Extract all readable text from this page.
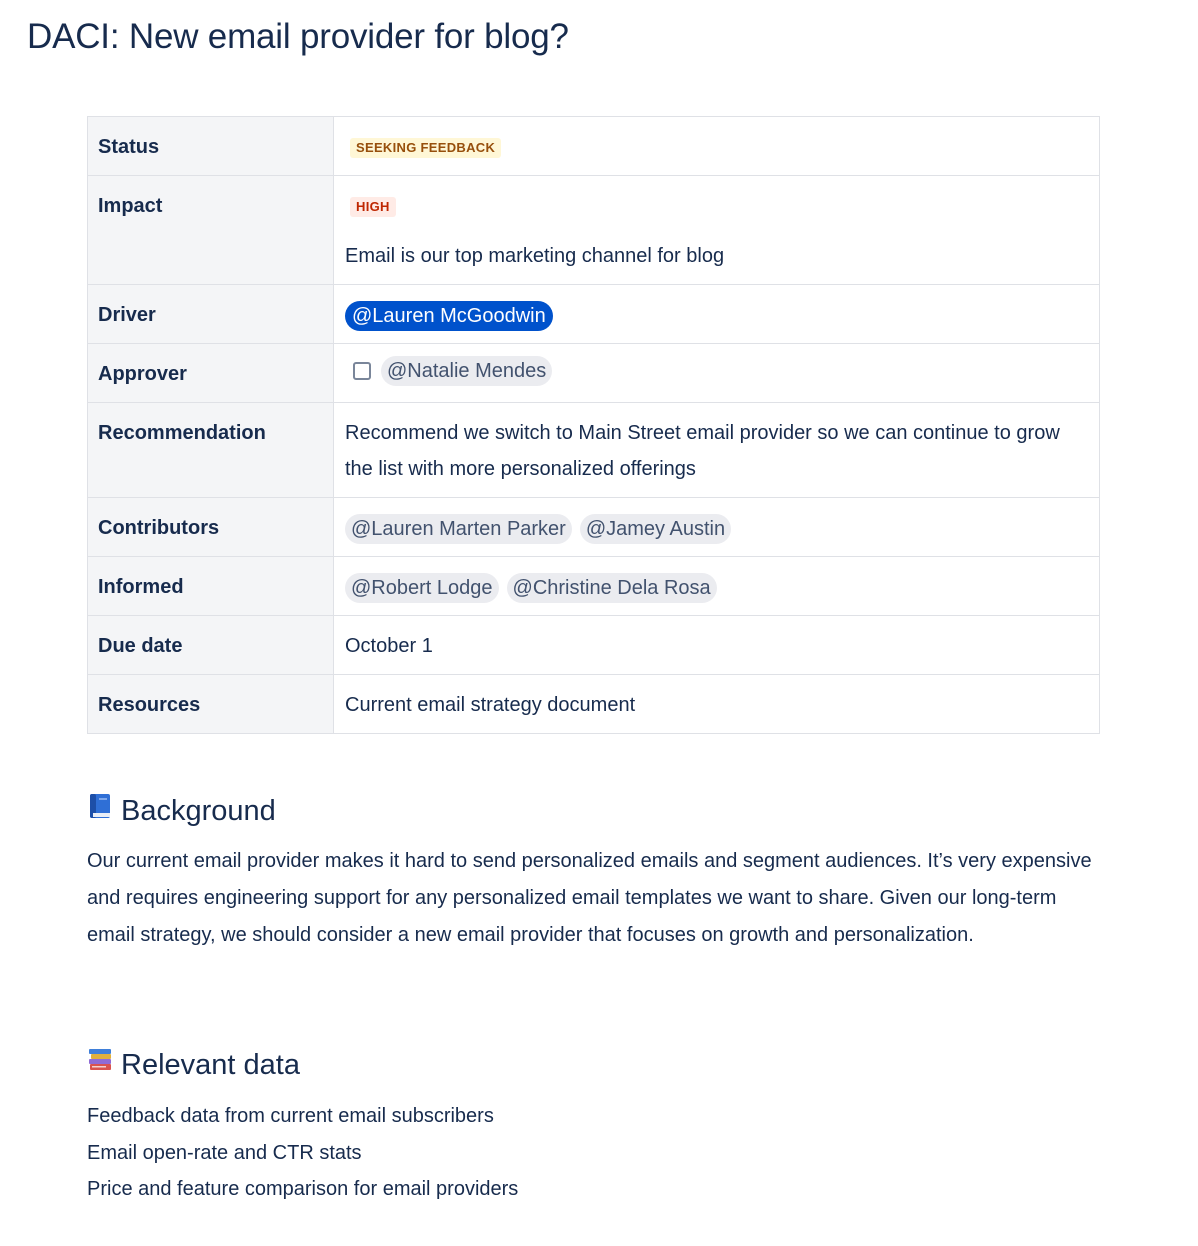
DACI: New email provider for blog?
Status	SEEKING FEEDBACK
Impact	HIGH
Email is our top marketing channel for blog

Driver	@Lauren McGoodwin
Approver	@Natalie Mendes

Recommendation	Recommend we switch to Main Street email provider so we can continue to grow the list with more personalized offerings
Contributors	@Lauren Marten Parker @Jamey Austin
Informed	@Robert Lodge @Christine Dela Rosa
Due date	October 1
Resources	Current email strategy document
Background

Our current email provider makes it hard to send personalized emails and segment audiences. It’s very expensive and requires engineering support for any personalized email templates we want to share. Given our long-term email strategy, we should consider a new email provider that focuses on growth and personalization.

Relevant data
Feedback data from current email subscribers
Email open-rate and CTR stats
Price and feature comparison for email providers
